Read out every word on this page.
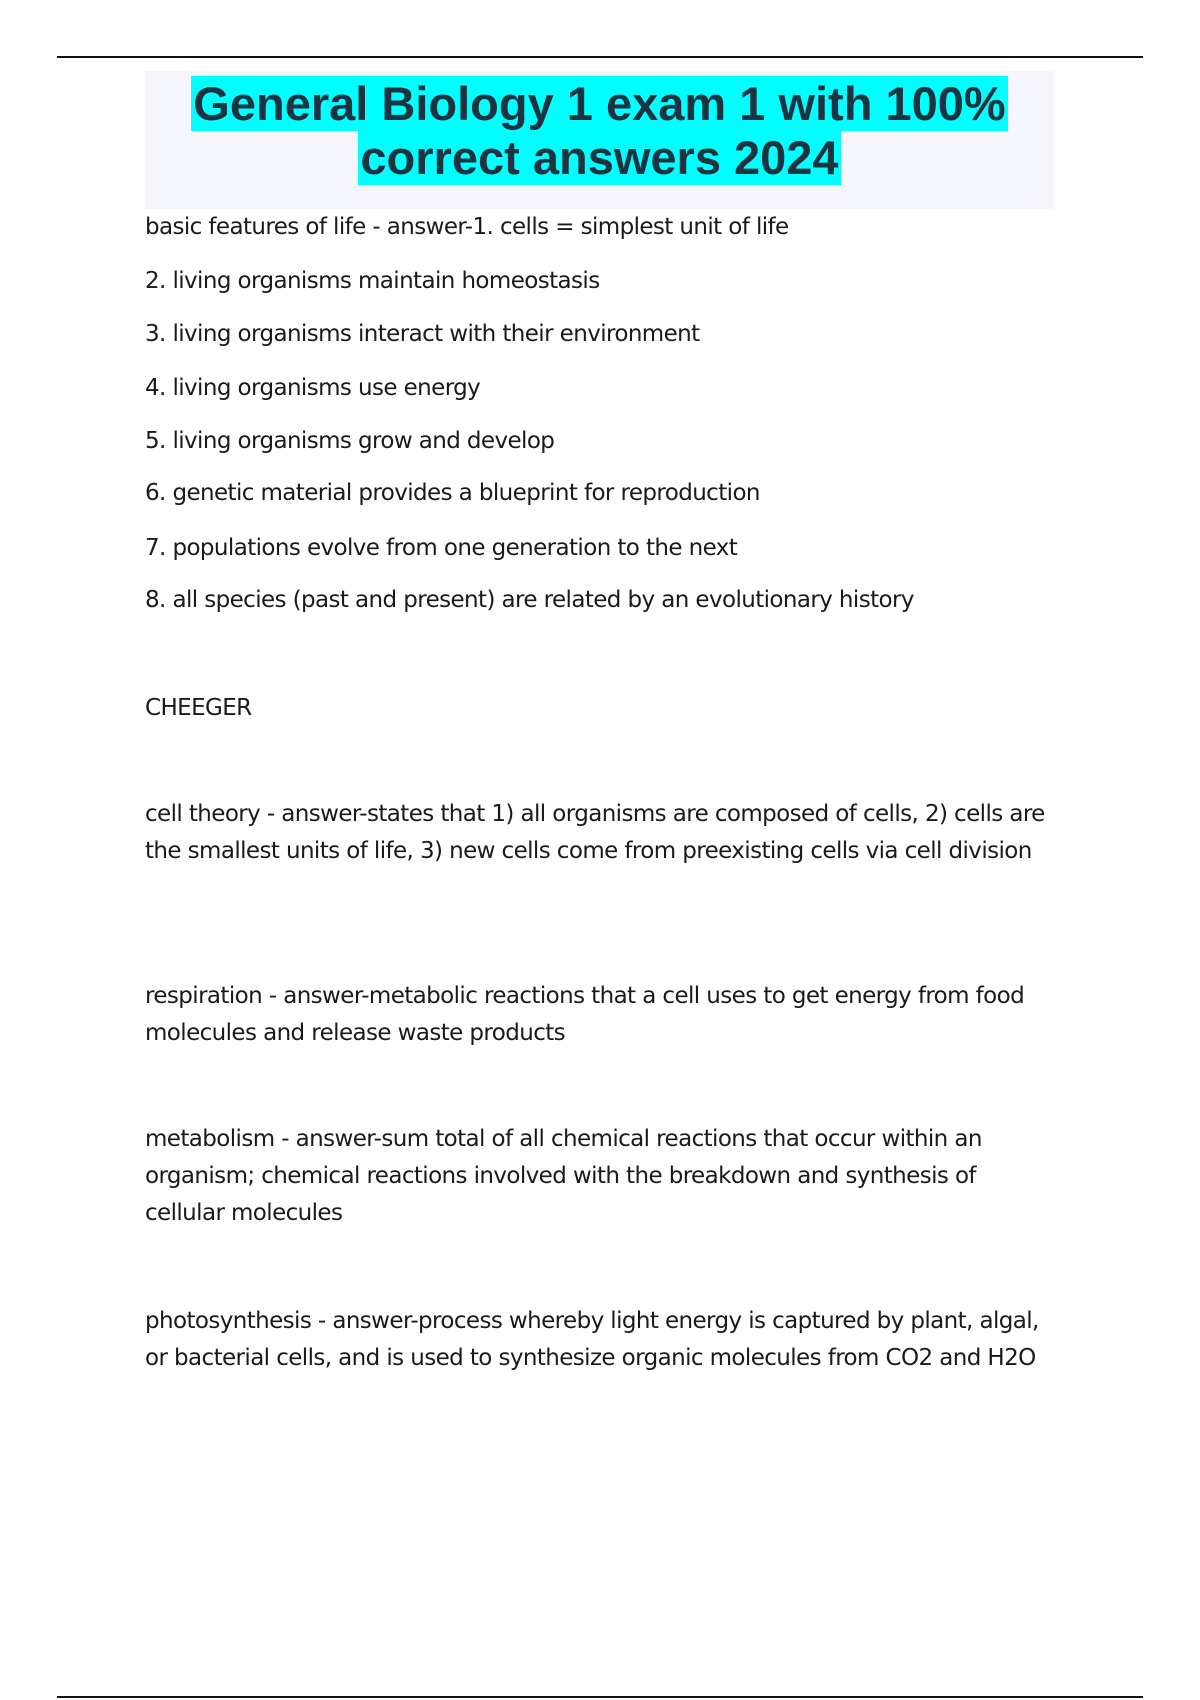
General Biology 1 exam 1 with 100% correct answers 2024
basic features of life - answer-1. cells = simplest unit of life
2. living organisms maintain homeostasis
3. living organisms interact with their environment
4. living organisms use energy
5. living organisms grow and develop
6. genetic material provides a blueprint for reproduction
7. populations evolve from one generation to the next
8. all species (past and present) are related by an evolutionary history
CHEEGER
cell theory - answer-states that 1) all organisms are composed of cells, 2) cells are the smallest units of life, 3) new cells come from preexisting cells via cell division
respiration - answer-metabolic reactions that a cell uses to get energy from food molecules and release waste products
metabolism - answer-sum total of all chemical reactions that occur within an organism; chemical reactions involved with the breakdown and synthesis of cellular molecules
photosynthesis - answer-process whereby light energy is captured by plant, algal, or bacterial cells, and is used to synthesize organic molecules from CO2 and H2O
